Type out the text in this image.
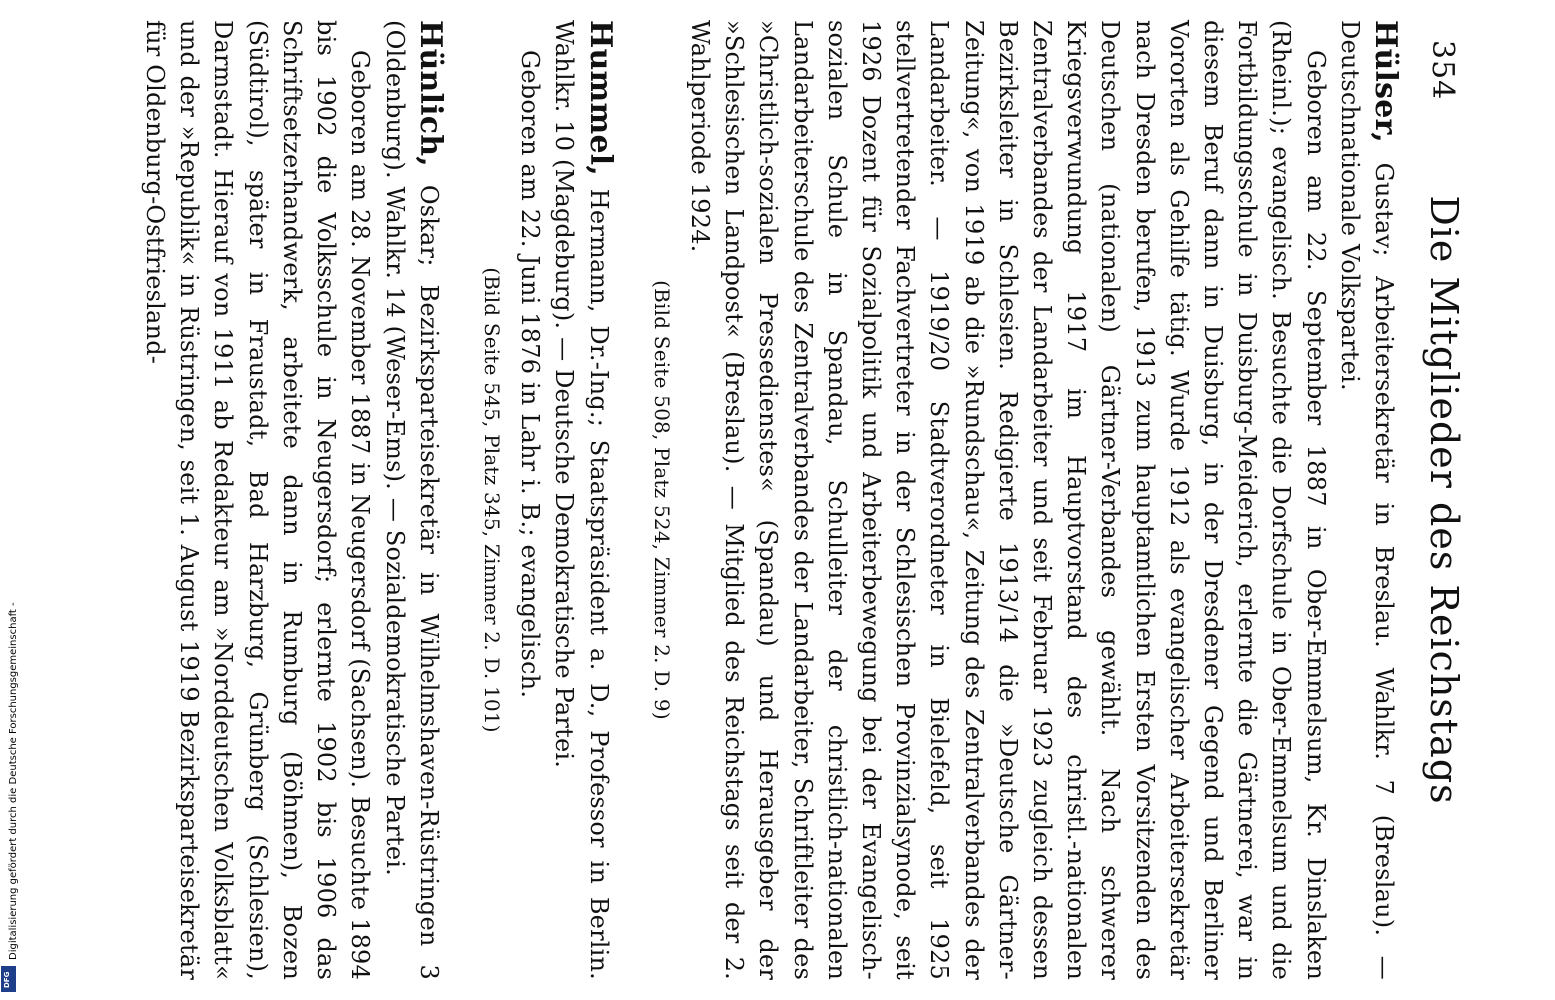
Digitalisierung gefördert durch die Deutsche Forschungsgemeinschaft -
DFG
354
Die Mitglieder des Reichstags

Hülser, Gustav; Arbeitersekretär in Breslau. Wahlkr. 7 (Breslau). — Deutschnationale Volkspartei.

Geboren am 22. September 1887 in Ober-Emmelsum, Kr. Dinslaken (Rheinl.); evangelisch. Besuchte die Dorfschule in Ober-Emmelsum und die Fortbildungsschule in Duisburg-Meiderich, erlernte die Gärtnerei, war in diesem Beruf dann in Duisburg, in der Dresdener Gegend und Berliner Vororten als Gehilfe tätig. Wurde 1912 als evangelischer Arbeitersekretär nach Dresden berufen, 1913 zum hauptamtlichen Ersten Vorsitzenden des Deutschen (nationalen) Gärtner-Verbandes gewählt. Nach schwerer Kriegsverwundung 1917 im Hauptvorstand des christl.-nationalen Zentralverbandes der Landarbeiter und seit Februar 1923 zugleich dessen Bezirksleiter in Schlesien. Redigierte 1913/14 die »Deutsche Gärtner-Zeitung«, von 1919 ab die »Rundschau«, Zeitung des Zentralverbandes der Landarbeiter. — 1919/20 Stadtverordneter in Bielefeld, seit 1925 stellvertretender Fachvertreter in der Schlesischen Provinzialsynode, seit 1926 Dozent für Sozialpolitik und Arbeiterbewegung bei der Evangelisch-sozialen Schule in Spandau, Schulleiter der christlich-nationalen Landarbeiterschule des Zentralverbandes der Landarbeiter, Schriftleiter des »Christlich-sozialen Pressedienstes« (Spandau) und Herausgeber der »Schlesischen Landpost« (Breslau). — Mitglied des Reichstags seit der 2. Wahlperiode 1924.

(Bild Seite 508, Platz 524, Zimmer 2. D. 9)

Hummel, Hermann, Dr.-Ing.; Staatspräsident a. D., Professor in Berlin. Wahlkr. 10 (Magdeburg). — Deutsche Demokratische Partei.

Geboren am 22. Juni 1876 in Lahr i. B.; evangelisch.

(Bild Seite 545, Platz 345, Zimmer 2. D. 101)

Hünlich, Oskar; Bezirksparteisekretär in Wilhelmshaven-Rüstringen 3 (Oldenburg). Wahlkr. 14 (Weser-Ems). — Sozialdemokratische Partei.

Geboren am 28. November 1887 in Neugersdorf (Sachsen). Besuchte 1894 bis 1902 die Volksschule in Neugersdorf; erlernte 1902 bis 1906 das Schriftsetzerhandwerk, arbeitete dann in Rumburg (Böhmen), Bozen (Südtirol), später in Fraustadt, Bad Harzburg, Grünberg (Schlesien), Darmstadt. Hierauf von 1911 ab Redakteur am »Norddeutschen Volksblatt« und der »Republik« in Rüstringen, seit 1. August 1919 Bezirksparteisekretär für Oldenburg-Ostfriesland-
